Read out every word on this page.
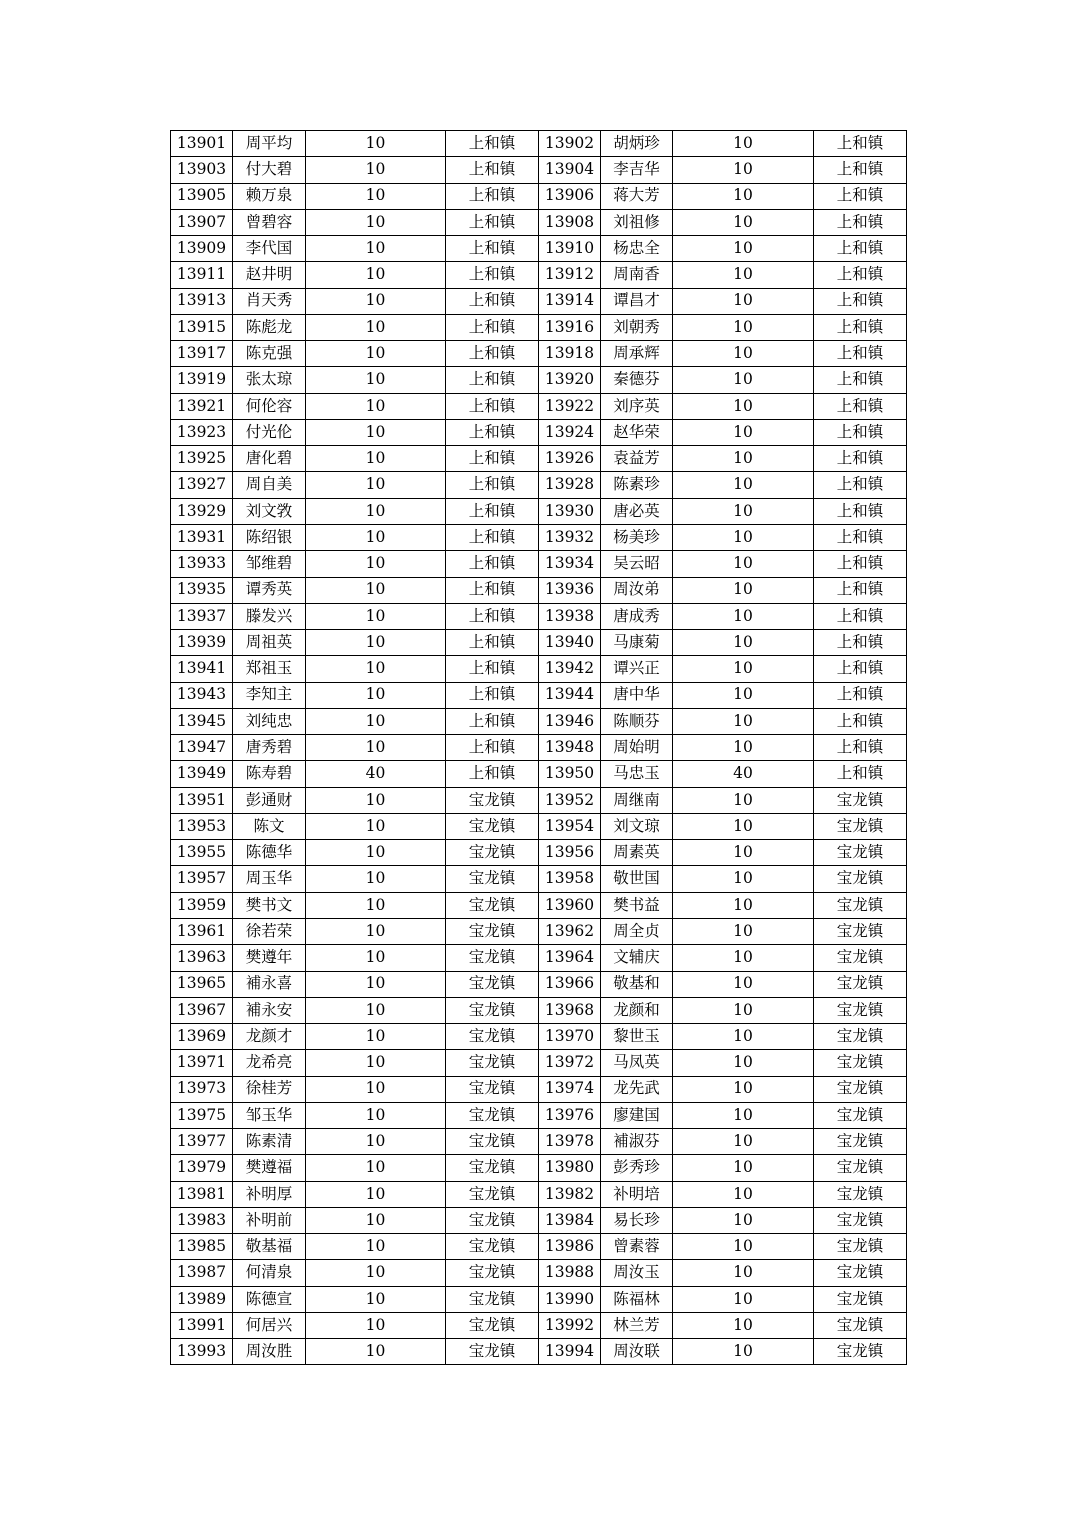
13901	周平均	10	上和镇	13902	胡炳珍	10	上和镇
13903	付大碧	10	上和镇	13904	李吉华	10	上和镇
13905	赖万泉	10	上和镇	13906	蒋大芳	10	上和镇
13907	曾碧容	10	上和镇	13908	刘祖修	10	上和镇
13909	李代国	10	上和镇	13910	杨忠全	10	上和镇
13911	赵井明	10	上和镇	13912	周南香	10	上和镇
13913	肖天秀	10	上和镇	13914	谭昌才	10	上和镇
13915	陈彪龙	10	上和镇	13916	刘朝秀	10	上和镇
13917	陈克强	10	上和镇	13918	周承辉	10	上和镇
13919	张太琼	10	上和镇	13920	秦德芬	10	上和镇
13921	何伦容	10	上和镇	13922	刘序英	10	上和镇
13923	付光伦	10	上和镇	13924	赵华荣	10	上和镇
13925	唐化碧	10	上和镇	13926	袁益芳	10	上和镇
13927	周自美	10	上和镇	13928	陈素珍	10	上和镇
13929	刘文敩	10	上和镇	13930	唐必英	10	上和镇
13931	陈绍银	10	上和镇	13932	杨美珍	10	上和镇
13933	邹维碧	10	上和镇	13934	吴云昭	10	上和镇
13935	谭秀英	10	上和镇	13936	周汝弟	10	上和镇
13937	滕发兴	10	上和镇	13938	唐成秀	10	上和镇
13939	周祖英	10	上和镇	13940	马康菊	10	上和镇
13941	郑祖玉	10	上和镇	13942	谭兴正	10	上和镇
13943	李知主	10	上和镇	13944	唐中华	10	上和镇
13945	刘纯忠	10	上和镇	13946	陈顺芬	10	上和镇
13947	唐秀碧	10	上和镇	13948	周始明	10	上和镇
13949	陈寿碧	40	上和镇	13950	马忠玉	40	上和镇
13951	彭通财	10	宝龙镇	13952	周继南	10	宝龙镇
13953	陈文	10	宝龙镇	13954	刘文琼	10	宝龙镇
13955	陈德华	10	宝龙镇	13956	周素英	10	宝龙镇
13957	周玉华	10	宝龙镇	13958	敬世国	10	宝龙镇
13959	樊书文	10	宝龙镇	13960	樊书益	10	宝龙镇
13961	徐若荣	10	宝龙镇	13962	周全贞	10	宝龙镇
13963	樊遵年	10	宝龙镇	13964	文辅庆	10	宝龙镇
13965	補永喜	10	宝龙镇	13966	敬基和	10	宝龙镇
13967	補永安	10	宝龙镇	13968	龙颜和	10	宝龙镇
13969	龙颜才	10	宝龙镇	13970	黎世玉	10	宝龙镇
13971	龙希亮	10	宝龙镇	13972	马凤英	10	宝龙镇
13973	徐桂芳	10	宝龙镇	13974	龙先武	10	宝龙镇
13975	邹玉华	10	宝龙镇	13976	廖建国	10	宝龙镇
13977	陈素清	10	宝龙镇	13978	補淑芬	10	宝龙镇
13979	樊遵福	10	宝龙镇	13980	彭秀珍	10	宝龙镇
13981	补明厚	10	宝龙镇	13982	补明培	10	宝龙镇
13983	补明前	10	宝龙镇	13984	易长珍	10	宝龙镇
13985	敬基福	10	宝龙镇	13986	曾素蓉	10	宝龙镇
13987	何清泉	10	宝龙镇	13988	周汝玉	10	宝龙镇
13989	陈德宣	10	宝龙镇	13990	陈福林	10	宝龙镇
13991	何居兴	10	宝龙镇	13992	林兰芳	10	宝龙镇
13993	周汝胜	10	宝龙镇	13994	周汝联	10	宝龙镇
